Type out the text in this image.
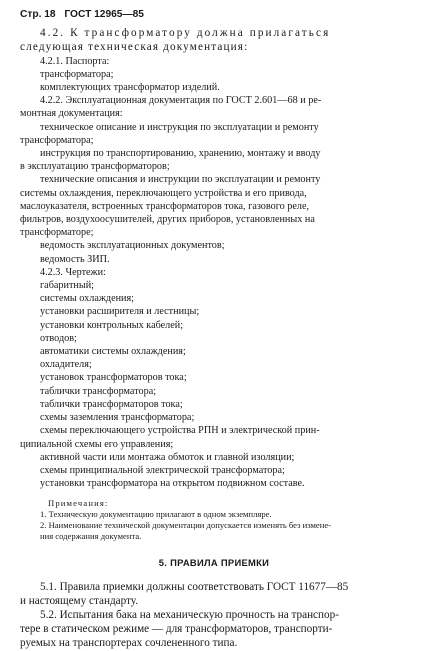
Стр. 18 ГОСТ 12965—85

4.2. К трансформатору должна прилагаться

следующая техническая документация:

4.2.1. Паспорта:

трансформатора;

комплектующих трансформатор изделий.

4.2.2. Эксплуатационная документация по ГОСТ 2.601—68 и ре-

монтная документация:

техническое описание и инструкция по эксплуатации и ремонту

трансформатора;

инструкция по транспортированию, хранению, монтажу и вводу

в эксплуатацию трансформаторов;

технические описания и инструкции по эксплуатации и ремонту

системы охлаждения, переключающего устройства и его привода,

маслоуказателя, встроенных трансформаторов тока, газового реле,

фильтров, воздухоосушителей, других приборов, установленных на

трансформаторе;

ведомость эксплуатационных документов;

ведомость ЗИП.

4.2.3. Чертежи:

габаритный;

системы охлаждения;

установки расширителя и лестницы;

установки контрольных кабелей;

отводов;

автоматики системы охлаждения;

охладителя;

установок трансформаторов тока;

таблички трансформатора;

таблички трансформаторов тока;

схемы заземления трансформатора;

схемы переключающего устройства РПН и электрической прин-

ципиальной схемы его управления;

активной части или монтажа обмоток и главной изоляции;

схемы принципиальной электрической трансформатора;

установки трансформатора на открытом подвижном составе.

Примечания:

1. Техническую документацию прилагают в одном экземпляре.

2. Наименование технической документации допускается изменять без измене-

ния содержания документа.

5. ПРАВИЛА ПРИЕМКИ

5.1. Правила приемки должны соответствовать ГОСТ 11677—85

и настоящему стандарту.

5.2. Испытания бака на механическую прочность на транспор-

тере в статическом режиме — для трансформаторов, транспорти-

руемых на транспортерах сочлененного типа.
